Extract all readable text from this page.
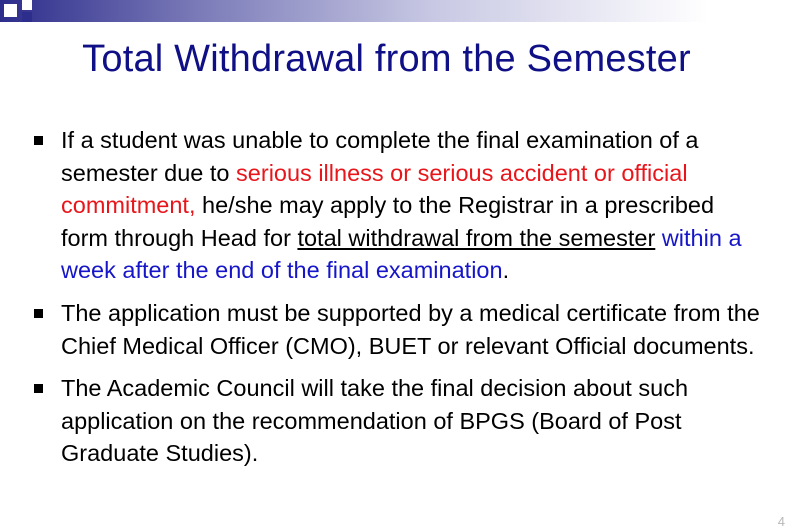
Total Withdrawal from the Semester
If a student was unable to complete the final examination of a semester due to serious illness or serious accident or official commitment, he/she may apply to the Registrar in a prescribed form through Head for total withdrawal from the semester within a week after the end of the final examination.
The application must be supported by a medical certificate from the Chief Medical Officer (CMO), BUET or relevant Official documents.
The Academic Council will take the final decision about such application on the recommendation of BPGS (Board of Post Graduate Studies).
4
